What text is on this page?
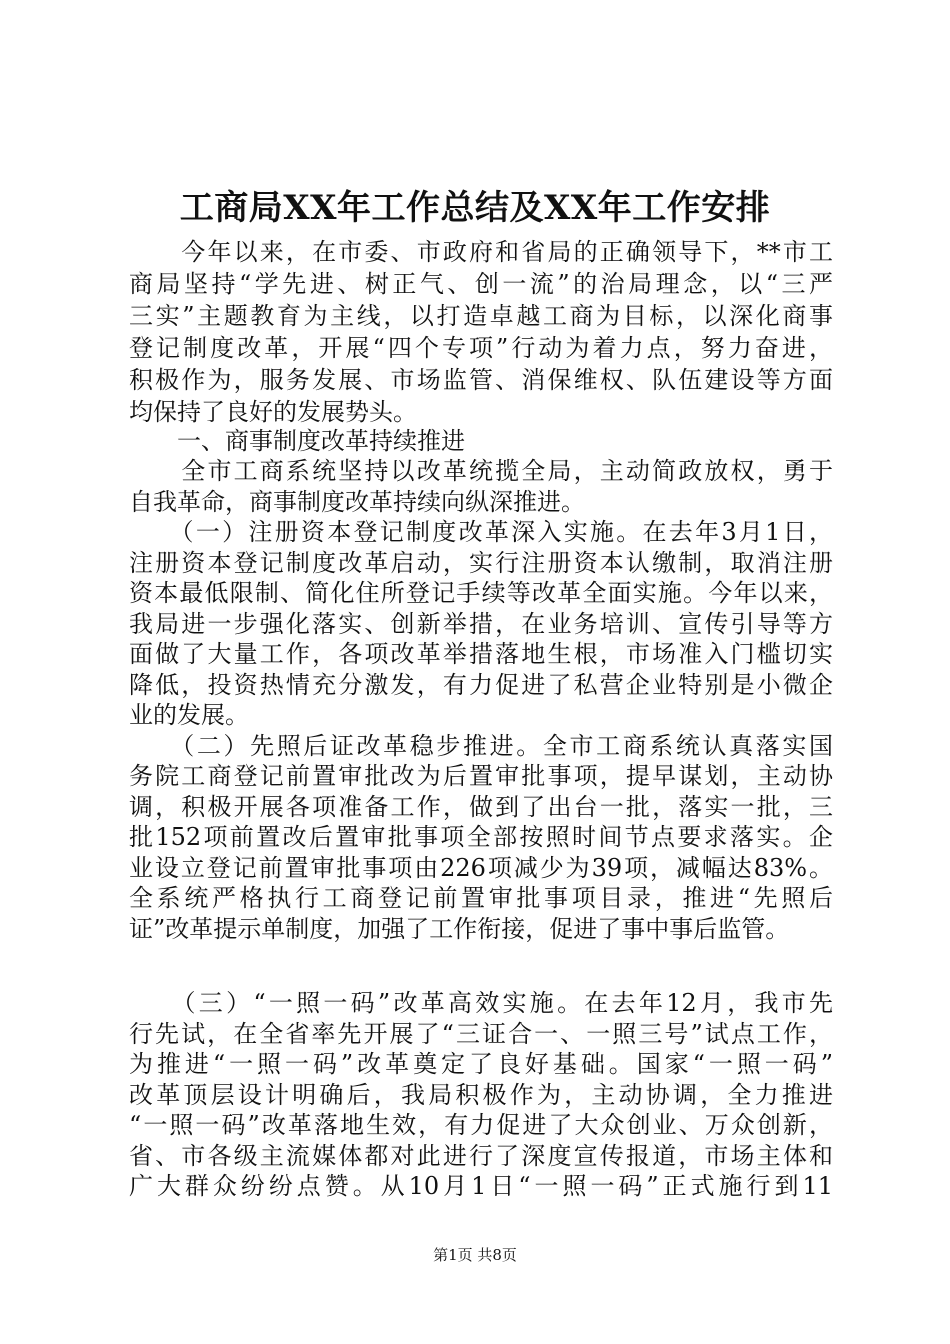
工商局XX年工作总结及XX年工作安排
　　今年以来，在市委、市政府和省局的正确领导下，**市工
商局坚持“学先进、树正气、创一流”的治局理念，以“三严
三实”主题教育为主线，以打造卓越工商为目标，以深化商事
登记制度改革，开展“四个专项”行动为着力点，努力奋进，
积极作为，服务发展、市场监管、消保维权、队伍建设等方面
均保持了良好的发展势头。
　　一、商事制度改革持续推进
　　全市工商系统坚持以改革统揽全局，主动简政放权，勇于
自我革命，商事制度改革持续向纵深推进。
　　（一）注册资本登记制度改革深入实施。在去年3月1日，
注册资本登记制度改革启动，实行注册资本认缴制，取消注册
资本最低限制、简化住所登记手续等改革全面实施。今年以来，
我局进一步强化落实、创新举措，在业务培训、宣传引导等方
面做了大量工作，各项改革举措落地生根，市场准入门槛切实
降低，投资热情充分激发，有力促进了私营企业特别是小微企
业的发展。
　　（二）先照后证改革稳步推进。全市工商系统认真落实国
务院工商登记前置审批改为后置审批事项，提早谋划，主动协
调，积极开展各项准备工作，做到了出台一批，落实一批，三
批152项前置改后置审批事项全部按照时间节点要求落实。企
业设立登记前置审批事项由226项减少为39项，减幅达83%。
全系统严格执行工商登记前置审批事项目录，推进“先照后
证”改革提示单制度，加强了工作衔接，促进了事中事后监管。
　　（三）“一照一码”改革高效实施。在去年12月，我市先
行先试，在全省率先开展了“三证合一、一照三号”试点工作，
为推进“一照一码”改革奠定了良好基础。国家“一照一码”
改革顶层设计明确后，我局积极作为，主动协调，全力推进
“一照一码”改革落地生效，有力促进了大众创业、万众创新，
省、市各级主流媒体都对此进行了深度宣传报道，市场主体和
广大群众纷纷点赞。从10月1日“一照一码”正式施行到11
第1页 共8页
